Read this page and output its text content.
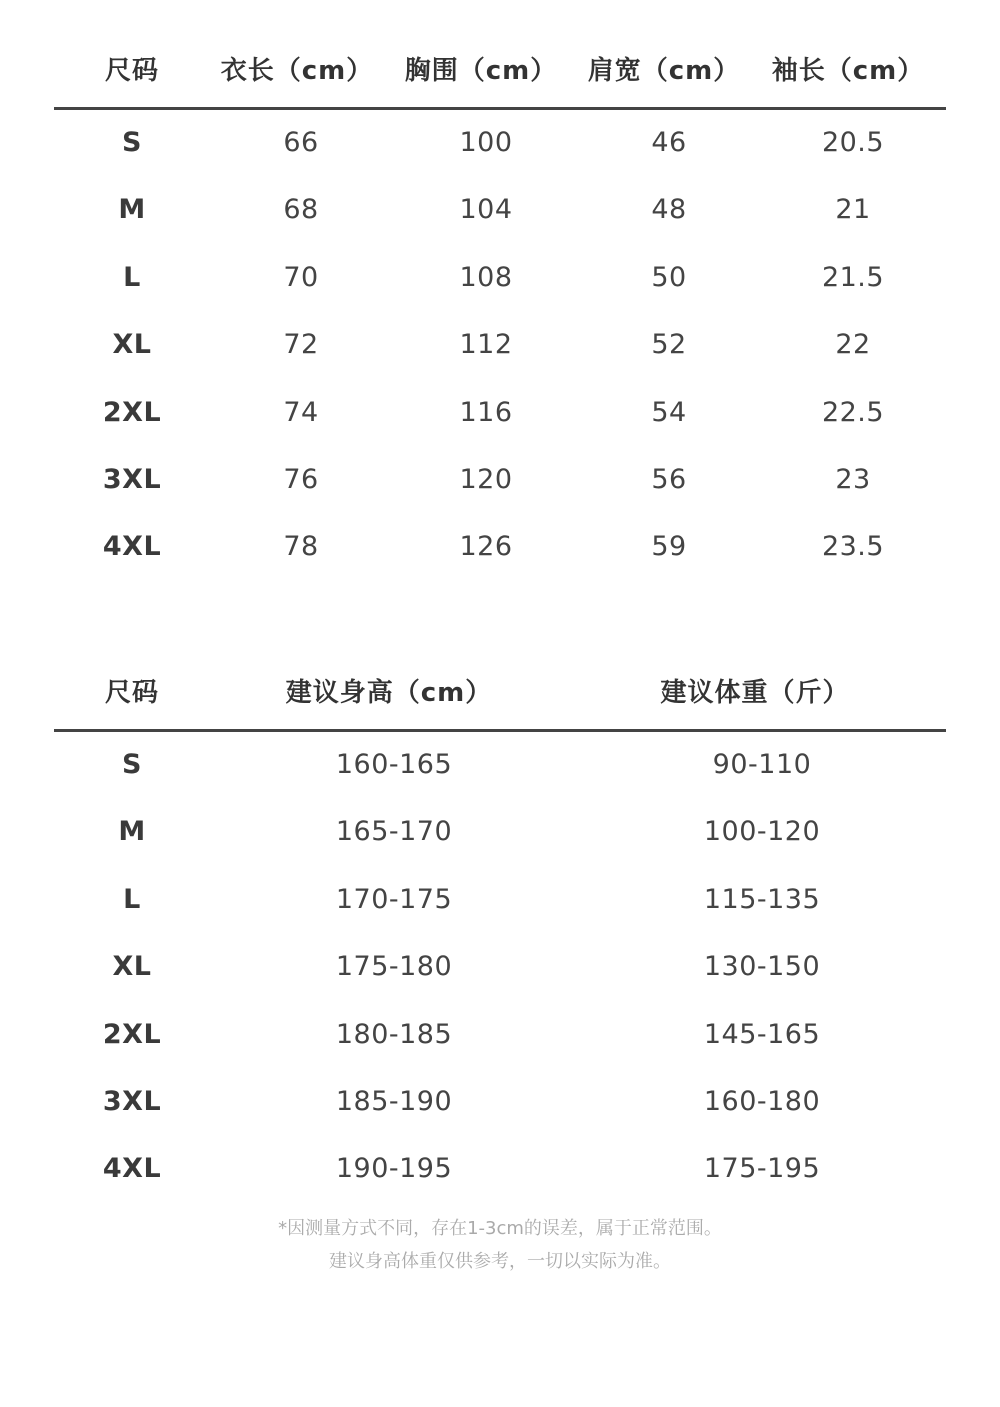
尺码 衣长（cm） 胸围（cm） 肩宽（cm） 袖长（cm）
S	66	100	46	20.5
M	68	104	48	21
L	70	108	50	21.5
XL	72	112	52	22
2XL	74	116	54	22.5
3XL	76	120	56	23
4XL	78	126	59	23.5
尺码	建议身高（cm）	建议体重（斤）
S	160-165	90-110
M	165-170	100-120
L	170-175	115-135
XL	175-180	130-150
2XL	180-185	145-165
3XL	185-190	160-180
4XL	190-195	175-195
*因测量方式不同，存在1-3cm的误差，属于正常范围。
建议身高体重仅供参考，一切以实际为准。
